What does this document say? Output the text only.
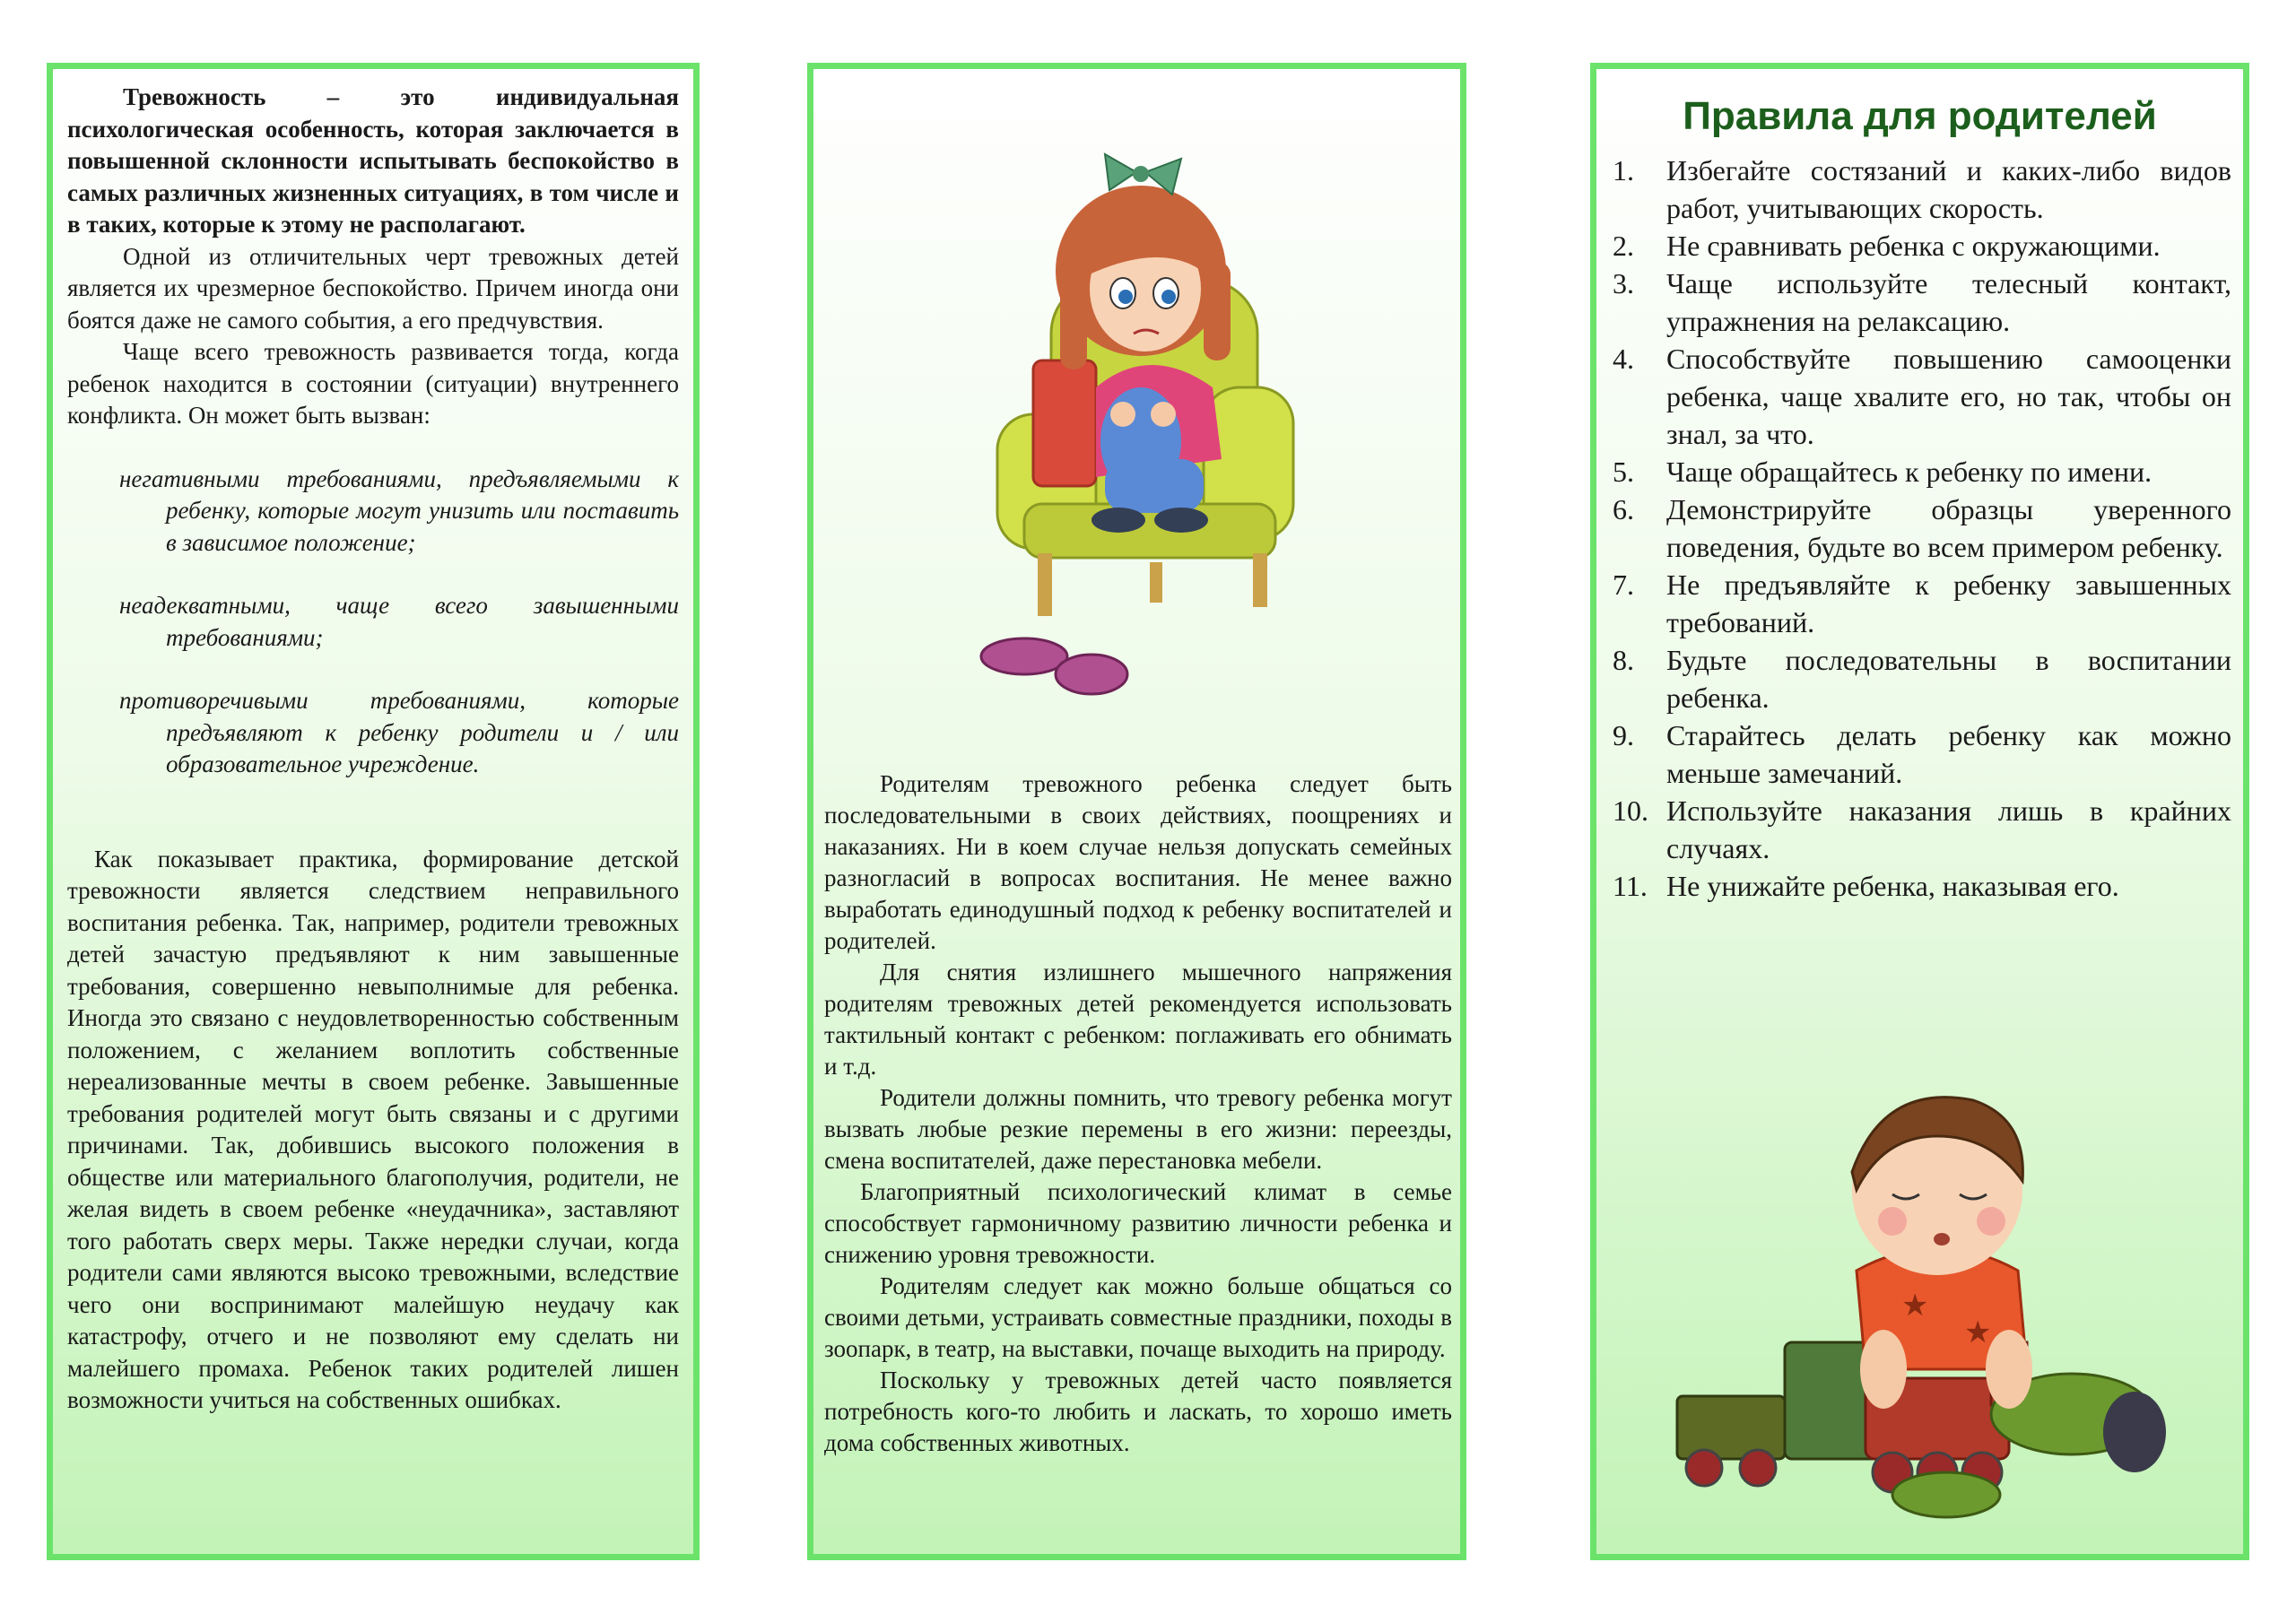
Тревожность – это индивидуальная психологическая особенность, которая заключается в повышенной склонности испытывать беспокойство в самых различных жизненных ситуациях, в том числе и в таких, которые к этому не располагают.

Одной из отличительных черт тревожных детей является их чрезмерное беспокойство. Причем иногда они боятся даже не самого события, а его предчувствия.

Чаще всего тревожность развивается тогда, когда ребенок находится в состоянии (ситуации) внутреннего конфликта. Он может быть вызван:

негативными требованиями, предъявляемыми к ребенку, которые могут унизить или поставить в зависимое положение;

неадекватными, чаще всего завышенными требованиями;

противоречивыми требованиями, которые предъявляют к ребенку родители и / или образовательное учреждение.

Как показывает практика, формирование детской тревожности является следствием неправильного воспитания ребенка. Так, например, родители тревожных детей зачастую предъявляют к ним завышенные требования, совершенно невыполнимые для ребенка. Иногда это связано с неудовлетворенностью собственным положением, с желанием воплотить собственные нереализованные мечты в своем ребенке. Завышенные требования родителей могут быть связаны и с другими причинами. Так, добившись высокого положения в обществе или материального благополучия, родители, не желая видеть в своем ребенке «неудачника», заставляют того работать сверх меры. Также нередки случаи, когда родители сами являются высоко тревожными, вследствие чего они воспринимают малейшую неудачу как катастрофу, отчего и не позволяют ему сделать ни малейшего промаха. Ребенок таких родителей лишен возможности учиться на собственных ошибках.

Родителям тревожного ребенка следует быть последовательными в своих действиях, поощрениях и наказаниях. Ни в коем случае нельзя допускать семейных разногласий в вопросах воспитания. Не менее важно выработать единодушный подход к ребенку воспитателей и родителей.

Для снятия излишнего мышечного напряжения родителям тревожных детей рекомендуется использовать тактильный контакт с ребенком: поглаживать его обнимать и т.д.

Родители должны помнить, что тревогу ребенка могут вызвать любые резкие перемены в его жизни: переезды, смена воспитателей, даже перестановка мебели.

Благоприятный психологический климат в семье способствует гармоничному развитию личности ребенка и снижению уровня тревожности.

Родителям следует как можно больше общаться со своими детьми, устраивать совместные праздники, походы в зоопарк, в театр, на выставки, почаще выходить на природу.

Поскольку у тревожных детей часто появляется потребность кого-то любить и ласкать, то хорошо иметь дома собственных животных.

Правила для родителей
1. Избегайте состязаний и каких-либо видов работ, учитывающих скорость.
2. Не сравнивать ребенка с окружающими.
3. Чаще используйте телесный контакт, упражнения на релаксацию.
4. Способствуйте повышению самооценки ребенка, чаще хвалите его, но так, чтобы он знал, за что.
5. Чаще обращайтесь к ребенку по имени.
6. Демонстрируйте образцы уверенного поведения, будьте во всем примером ребенку.
7. Не предъявляйте к ребенку завышенных требований.
8. Будьте последовательны в воспитании ребенка.
9. Старайтесь делать ребенку как можно меньше замечаний.
10. Используйте наказания лишь в крайних случаях.
11. Не унижайте ребенка, наказывая его.
★
★
